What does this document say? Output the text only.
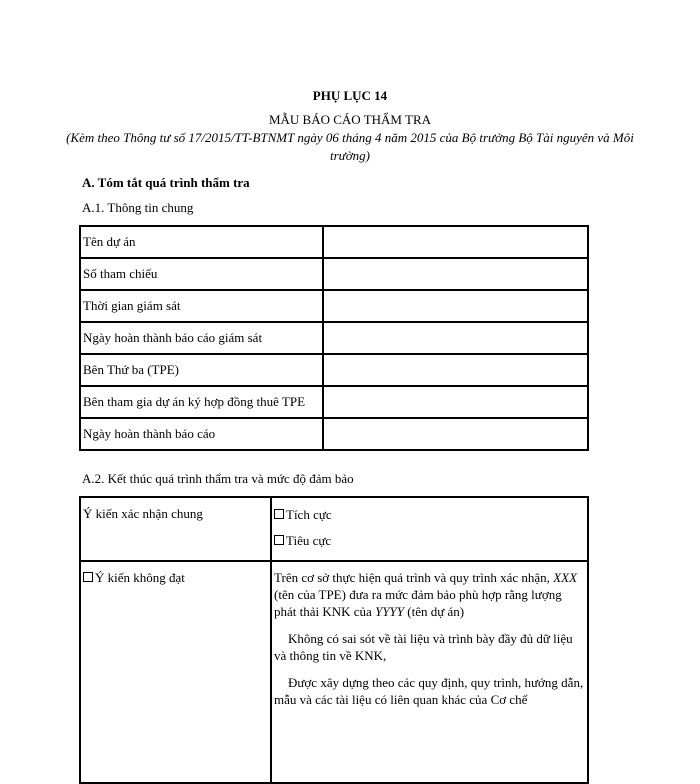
PHỤ LỤC 14
MẪU BÁO CÁO THẨM TRA
(Kèm theo Thông tư số 17/2015/TT-BTNMT ngày 06 tháng 4 năm 2015 của Bộ trưởng Bộ Tài nguyên và Môi trường)
A. Tóm tắt quá trình thẩm tra
A.1. Thông tin chung
Tên dự án	
Số tham chiếu	
Thời gian giám sát	
Ngày hoàn thành báo cáo giám sát	
Bên Thứ ba (TPE)	
Bên tham gia dự án ký hợp đồng thuê TPE	
Ngày hoàn thành báo cáo	
A.2. Kết thúc quá trình thẩm tra và mức độ đảm bảo
Ý kiến xác nhận chung	Tích cực
Tiêu cực

Ý kiến không đạt	Trên cơ sở thực hiện quá trình và quy trình xác nhận, XXX (tên của TPE) đưa ra mức đảm bảo phù hợp rằng lượng phát thải KNK của YYYY (tên dự án)
Không có sai sót về tài liệu và trình bày đầy đủ dữ liệu và thông tin về KNK,
Được xây dựng theo các quy định, quy trình, hướng dẫn, mẫu và các tài liệu có liên quan khác của Cơ chế
